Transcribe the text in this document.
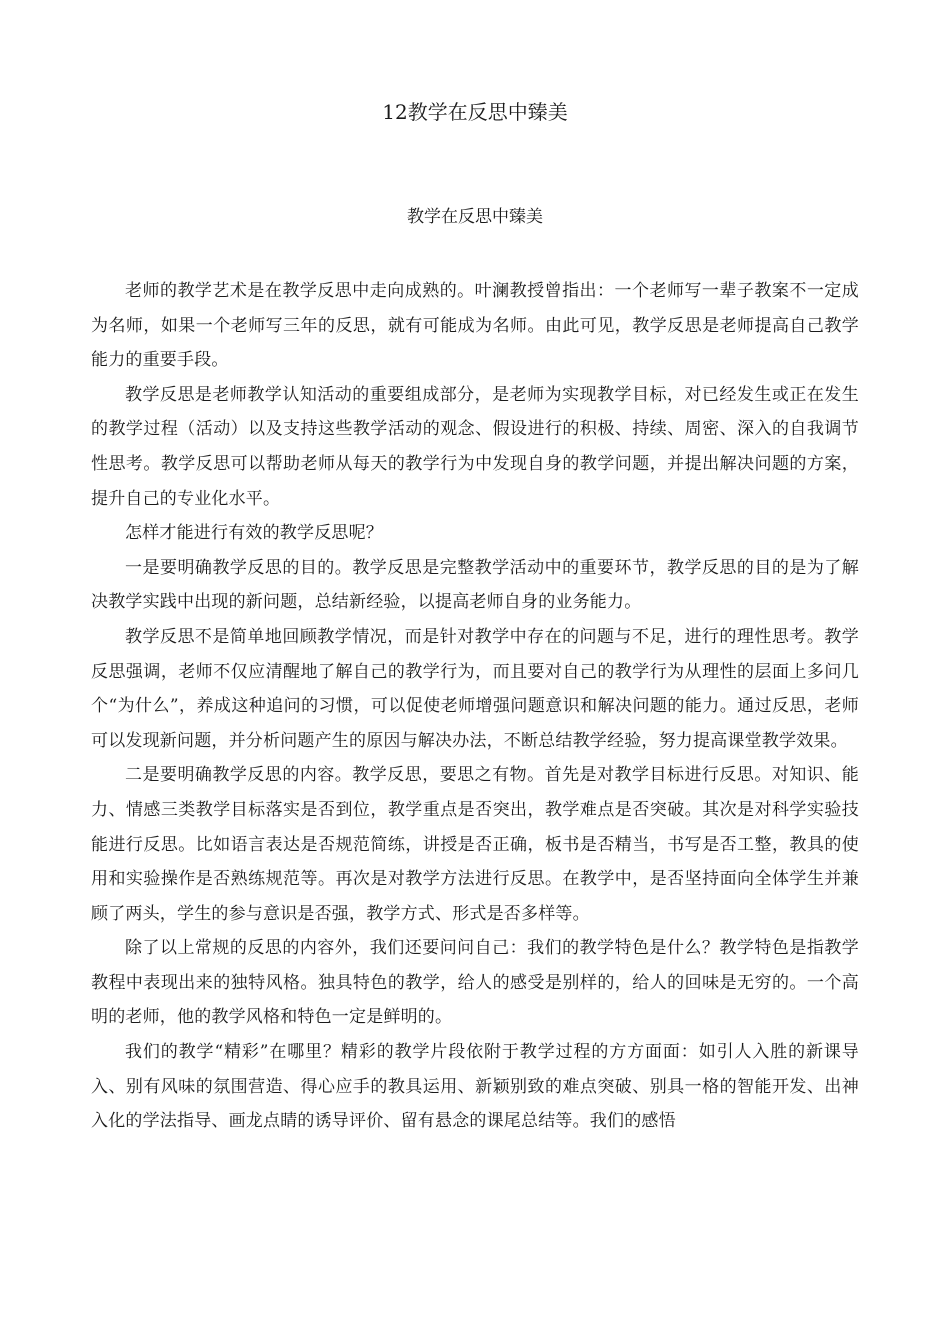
12教学在反思中臻美
教学在反思中臻美

老师的教学艺术是在教学反思中走向成熟的。叶澜教授曾指出：一个老师写一辈子教案不一定成为名师，如果一个老师写三年的反思，就有可能成为名师。由此可见，教学反思是老师提高自己教学能力的重要手段。

教学反思是老师教学认知活动的重要组成部分，是老师为实现教学目标，对已经发生或正在发生的教学过程（活动）以及支持这些教学活动的观念、假设进行的积极、持续、周密、深入的自我调节性思考。教学反思可以帮助老师从每天的教学行为中发现自身的教学问题，并提出解决问题的方案，提升自己的专业化水平。

怎样才能进行有效的教学反思呢？

一是要明确教学反思的目的。教学反思是完整教学活动中的重要环节，教学反思的目的是为了解决教学实践中出现的新问题，总结新经验，以提高老师自身的业务能力。

教学反思不是简单地回顾教学情况，而是针对教学中存在的问题与不足，进行的理性思考。教学反思强调，老师不仅应清醒地了解自己的教学行为，而且要对自己的教学行为从理性的层面上多问几个“为什么”，养成这种追问的习惯，可以促使老师增强问题意识和解决问题的能力。通过反思，老师可以发现新问题，并分析问题产生的原因与解决办法，不断总结教学经验，努力提高课堂教学效果。

二是要明确教学反思的内容。教学反思，要思之有物。首先是对教学目标进行反思。对知识、能力、情感三类教学目标落实是否到位，教学重点是否突出，教学难点是否突破。其次是对科学实验技能进行反思。比如语言表达是否规范简练，讲授是否正确，板书是否精当，书写是否工整，教具的使用和实验操作是否熟练规范等。再次是对教学方法进行反思。在教学中，是否坚持面向全体学生并兼顾了两头，学生的参与意识是否强，教学方式、形式是否多样等。

除了以上常规的反思的内容外，我们还要问问自己：我们的教学特色是什么？教学特色是指教学教程中表现出来的独特风格。独具特色的教学，给人的感受是别样的，给人的回味是无穷的。一个高明的老师，他的教学风格和特色一定是鲜明的。

我们的教学“精彩”在哪里？精彩的教学片段依附于教学过程的方方面面：如引人入胜的新课导入、别有风味的氛围营造、得心应手的教具运用、新颖别致的难点突破、别具一格的智能开发、出神入化的学法指导、画龙点睛的诱导评价、留有悬念的课尾总结等。我们的感悟
